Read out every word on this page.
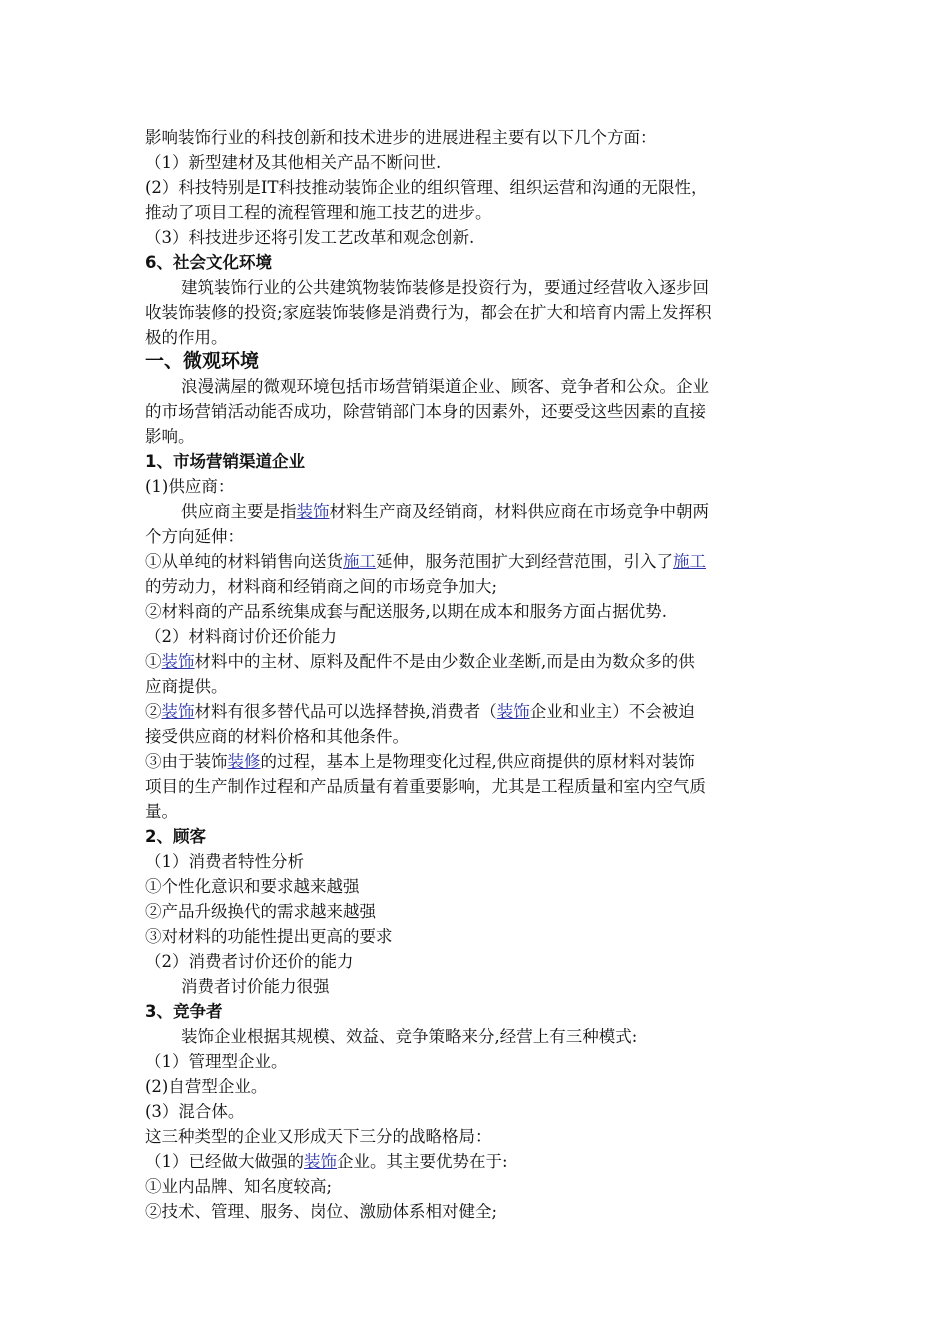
影响装饰行业的科技创新和技术进步的进展进程主要有以下几个方面：
（1）新型建材及其他相关产品不断问世.
(2）科技特别是IT科技推动装饰企业的组织管理、组织运营和沟通的无限性，
推动了项目工程的流程管理和施工技艺的进步。
（3）科技进步还将引发工艺改革和观念创新.
6、社会文化环境
建筑装饰行业的公共建筑物装饰装修是投资行为，要通过经营收入逐步回
收装饰装修的投资;家庭装饰装修是消费行为，都会在扩大和培育内需上发挥积
极的作用。
一、微观环境
浪漫满屋的微观环境包括市场营销渠道企业、顾客、竞争者和公众。企业
的市场营销活动能否成功，除营销部门本身的因素外，还要受这些因素的直接
影响。
1、市场营销渠道企业
(1)供应商：
供应商主要是指装饰材料生产商及经销商，材料供应商在市场竞争中朝两
个方向延伸：
①从单纯的材料销售向送货施工延伸，服务范围扩大到经营范围，引入了施工
的劳动力，材料商和经销商之间的市场竞争加大;
②材料商的产品系统集成套与配送服务,以期在成本和服务方面占据优势.
（2）材料商讨价还价能力
①装饰材料中的主材、原料及配件不是由少数企业垄断,而是由为数众多的供
应商提供。
②装饰材料有很多替代品可以选择替换,消费者（装饰企业和业主）不会被迫
接受供应商的材料价格和其他条件。
③由于装饰装修的过程，基本上是物理变化过程,供应商提供的原材料对装饰
项目的生产制作过程和产品质量有着重要影响，尤其是工程质量和室内空气质
量。
2、顾客
（1）消费者特性分析
①个性化意识和要求越来越强
②产品升级换代的需求越来越强
③对材料的功能性提出更高的要求
（2）消费者讨价还价的能力
消费者讨价能力很强
3、竞争者
装饰企业根据其规模、效益、竞争策略来分,经营上有三种模式:
（1）管理型企业。
(2)自营型企业。
(3）混合体。
这三种类型的企业又形成天下三分的战略格局：
（1）已经做大做强的装饰企业。其主要优势在于:
①业内品牌、知名度较高;
②技术、管理、服务、岗位、激励体系相对健全;
